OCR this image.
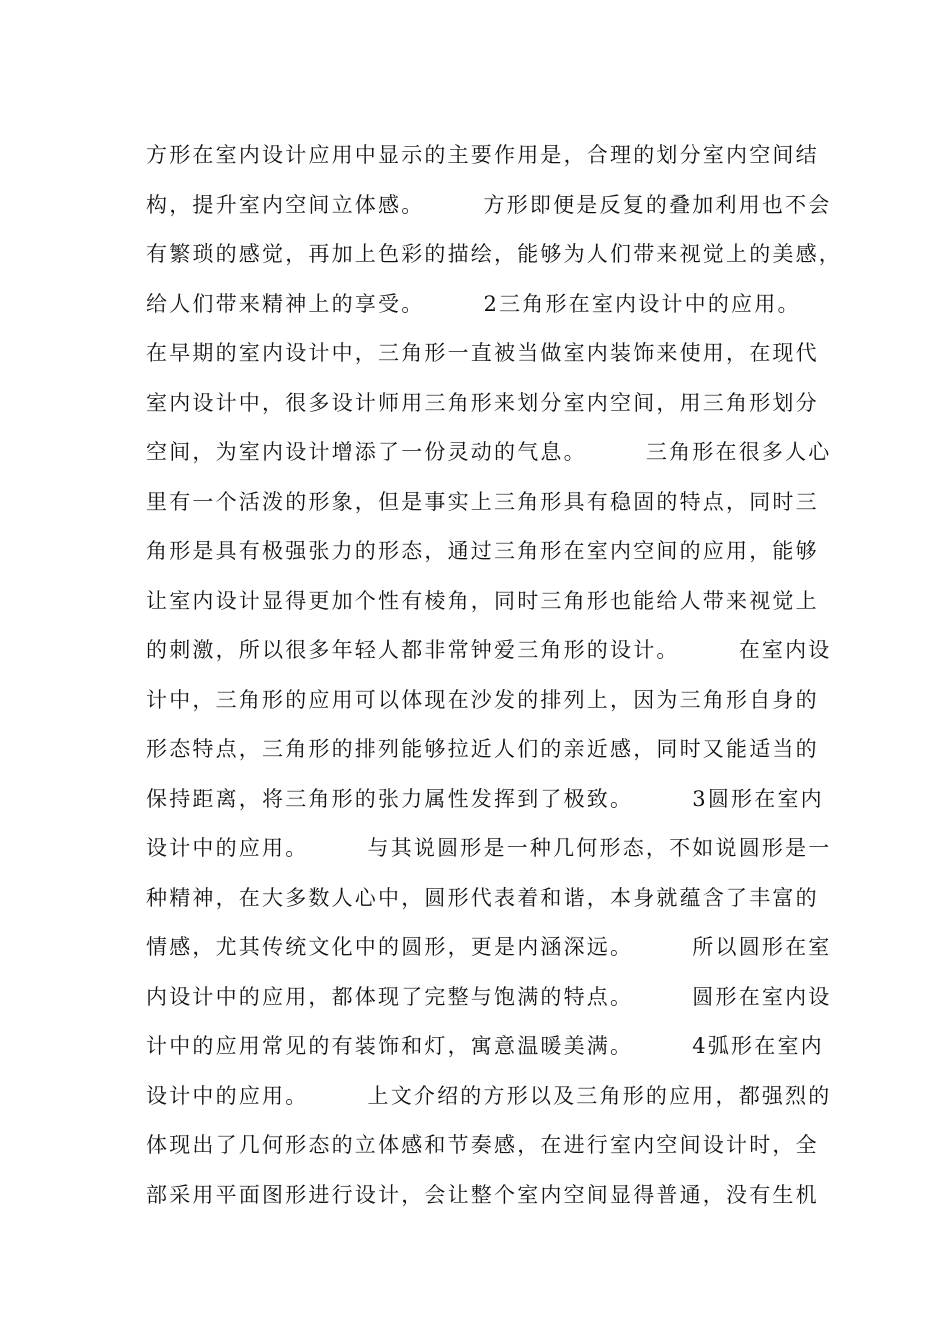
方形在室内设计应用中显示的主要作用是，合理的划分室内空间结
构，提升室内空间立体感。　　　方形即便是反复的叠加利用也不会
有繁琐的感觉，再加上色彩的描绘，能够为人们带来视觉上的美感，
给人们带来精神上的享受。　　　2三角形在室内设计中的应用。
在早期的室内设计中，三角形一直被当做室内装饰来使用，在现代
室内设计中，很多设计师用三角形来划分室内空间，用三角形划分
空间，为室内设计增添了一份灵动的气息。　　　三角形在很多人心
里有一个活泼的形象，但是事实上三角形具有稳固的特点，同时三
角形是具有极强张力的形态，通过三角形在室内空间的应用，能够
让室内设计显得更加个性有棱角，同时三角形也能给人带来视觉上
的刺激，所以很多年轻人都非常钟爱三角形的设计。　　　在室内设
计中，三角形的应用可以体现在沙发的排列上，因为三角形自身的
形态特点，三角形的排列能够拉近人们的亲近感，同时又能适当的
保持距离，将三角形的张力属性发挥到了极致。　　　3圆形在室内
设计中的应用。　　　与其说圆形是一种几何形态，不如说圆形是一
种精神，在大多数人心中，圆形代表着和谐，本身就蕴含了丰富的
情感，尤其传统文化中的圆形，更是内涵深远。　　　所以圆形在室
内设计中的应用，都体现了完整与饱满的特点。　　　圆形在室内设
计中的应用常见的有装饰和灯，寓意温暖美满。　　　4弧形在室内
设计中的应用。　　　上文介绍的方形以及三角形的应用，都强烈的
体现出了几何形态的立体感和节奏感，在进行室内空间设计时，全
部采用平面图形进行设计，会让整个室内空间显得普通，没有生机
